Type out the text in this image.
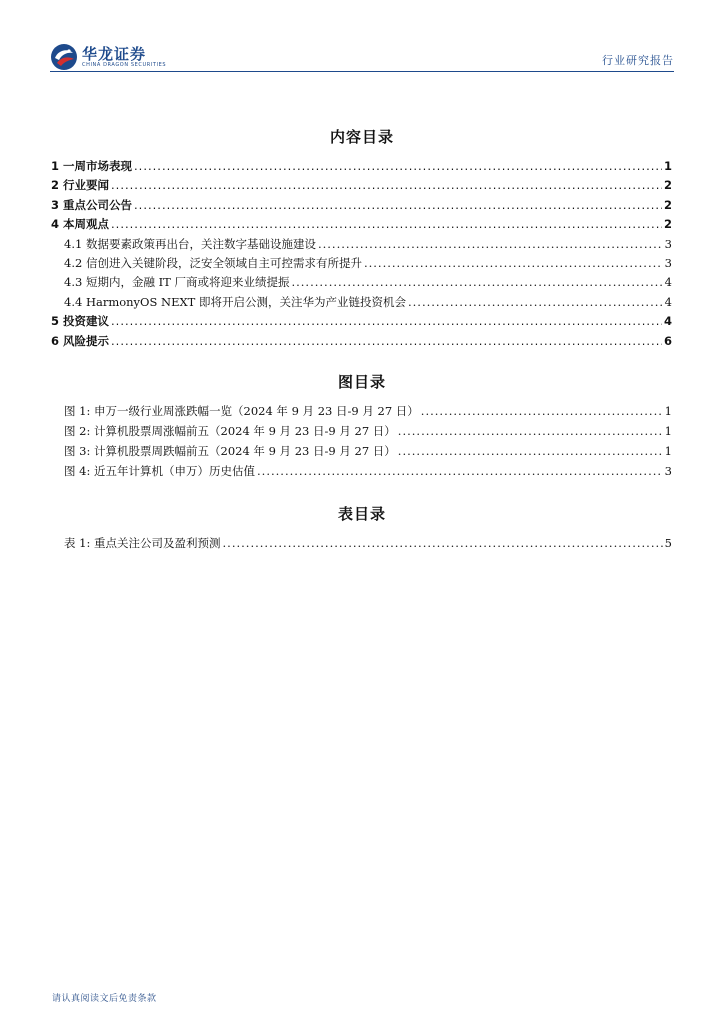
华龙证券
CHINA DRAGON SECURITIES	行业研究报告
内容目录
1 一周市场表现 .....	1
2 行业要闻 .....	2
3 重点公司公告 .....	2
4 本周观点 .....	2
4.1 数据要素政策再出台，关注数字基础设施建设 .....	3
4.2 信创进入关键阶段，泛安全领域自主可控需求有所提升 .....	3
4.3 短期内，金融 IT 厂商或将迎来业绩提振 .....	4
4.4 HarmonyOS NEXT 即将开启公测，关注华为产业链投资机会 .....	4
5 投资建议 .....	4
6 风险提示 .....	6
图目录
图 1: 申万一级行业周涨跌幅一览（2024 年 9 月 23 日-9 月 27 日） .....	1
图 2: 计算机股票周涨幅前五（2024 年 9 月 23 日-9 月 27 日） .....	1
图 3: 计算机股票周跌幅前五（2024 年 9 月 23 日-9 月 27 日） .....	1
图 4: 近五年计算机（申万）历史估值 .....	3
表目录
表 1: 重点关注公司及盈利预测 .....	5
请认真阅读文后免责条款
